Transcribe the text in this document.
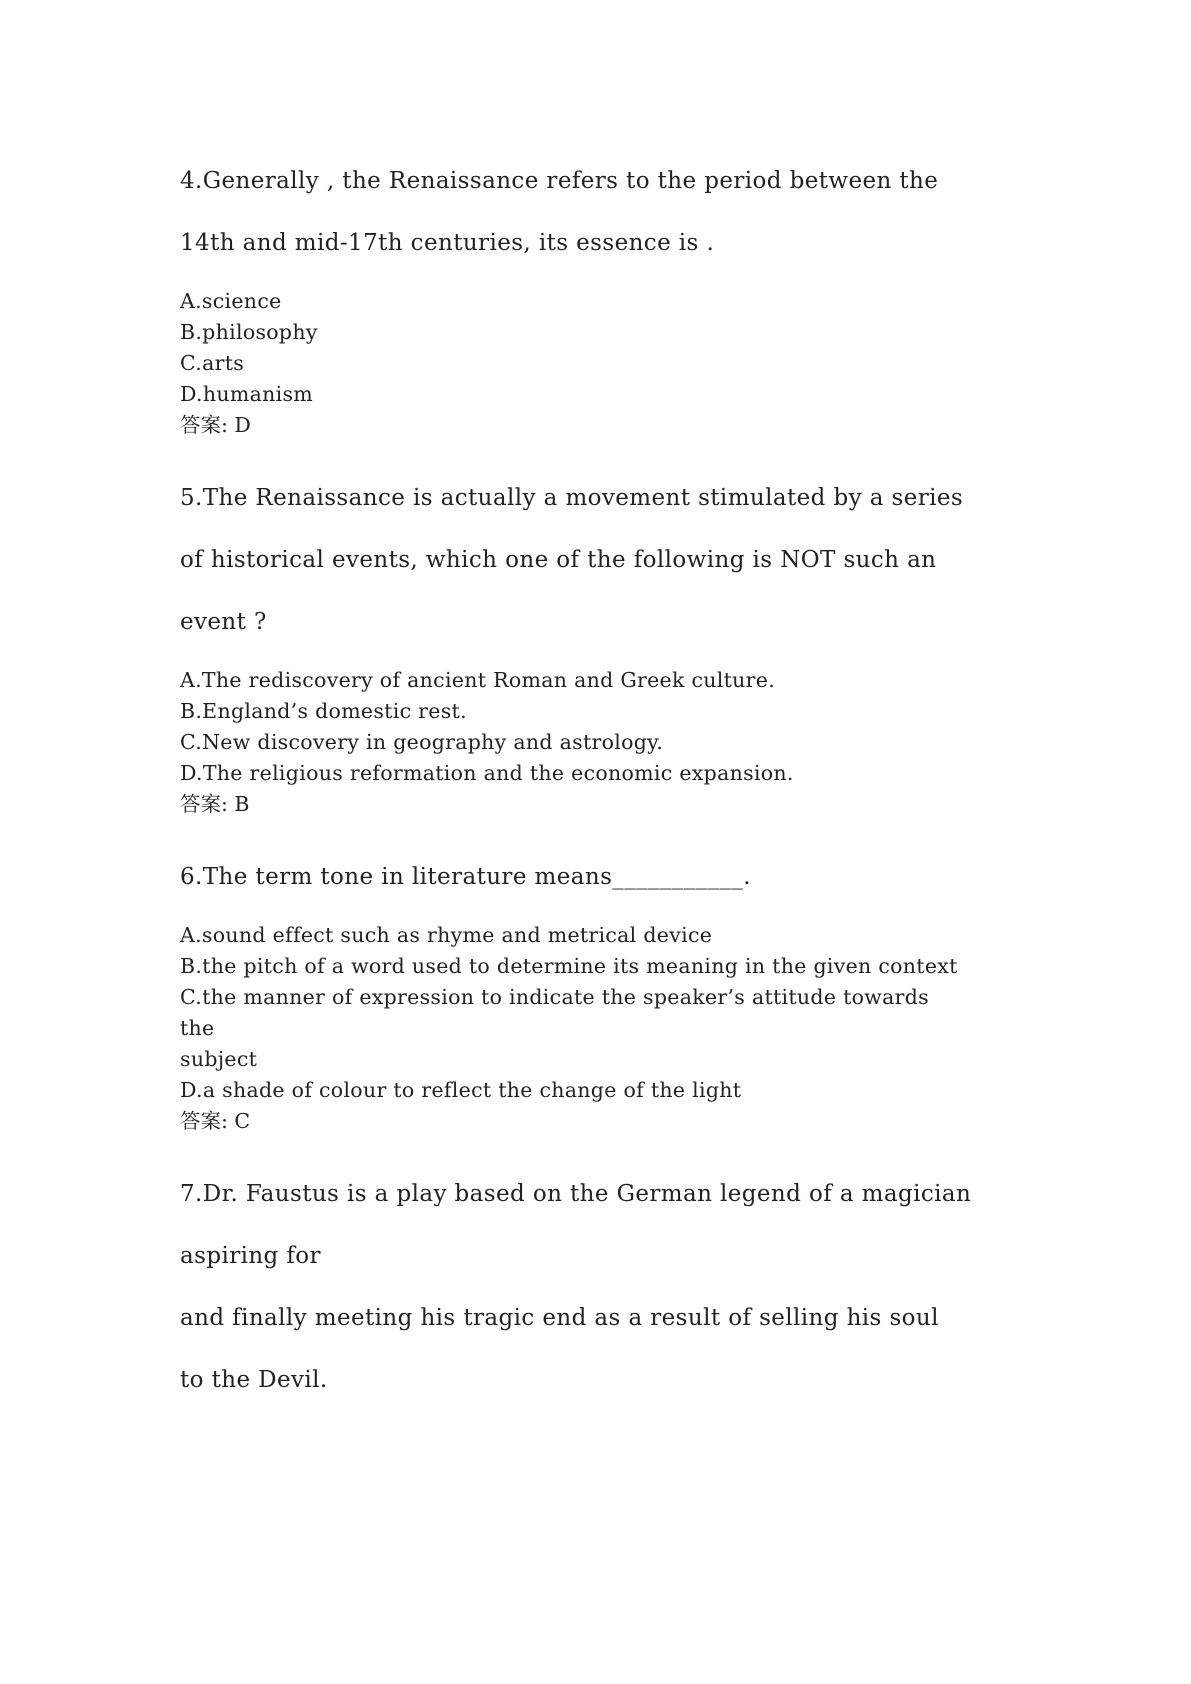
4.Generally , the Renaissance refers to the period between the
14th and mid-17th centuries, its essence is .
A.science
B.philosophy
C.arts
D.humanism
答案: D
5.The Renaissance is actually a movement stimulated by a series
of historical events, which one of the following is NOT such an
event ?
A.The rediscovery of ancient Roman and Greek culture.
B.England’s domestic rest.
C.New discovery in geography and astrology.
D.The religious reformation and the economic expansion.
答案: B
6.The term tone in literature means___________.
A.sound effect such as rhyme and metrical device
B.the pitch of a word used to determine its meaning in the given context
C.the manner of expression to indicate the speaker’s attitude towards
the
subject
D.a shade of colour to reflect the change of the light
答案: C
7.Dr. Faustus is a play based on the German legend of a magician
aspiring for
and finally meeting his tragic end as a result of selling his soul
to the Devil.
